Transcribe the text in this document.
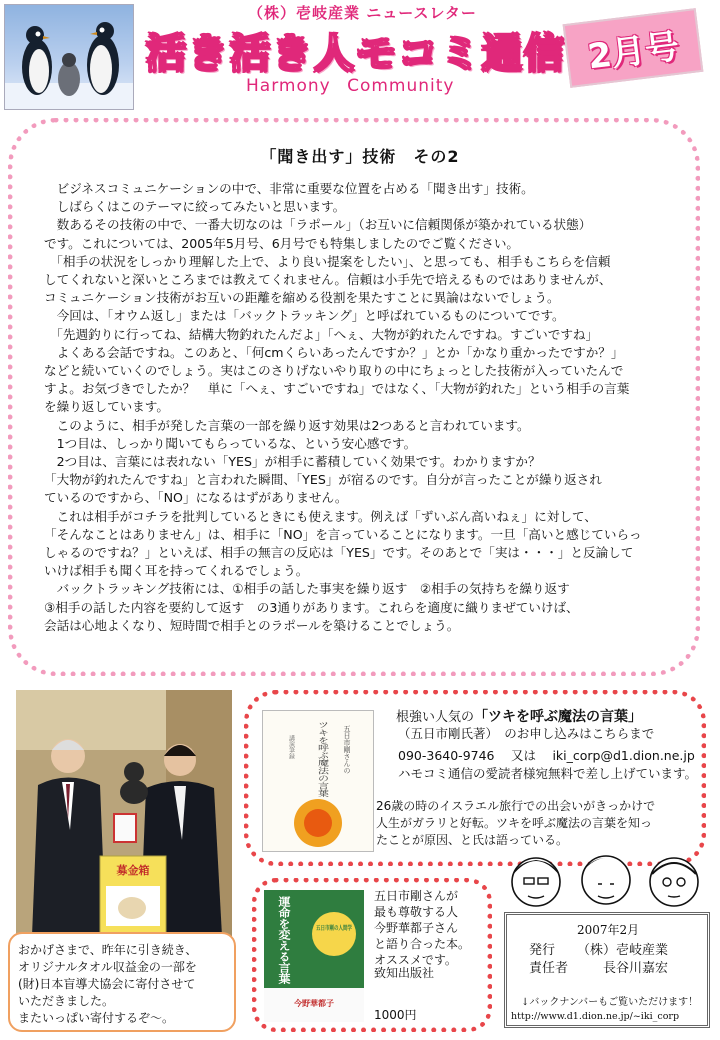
（株）壱岐産業 ニュースレター
活き活き人モコミ通信
Harmony Community
2月号
「聞き出す」技術　その2

　ビジネスコミュニケーションの中で、非常に重要な位置を占める「聞き出す」技術。

　しばらくはこのテーマに絞ってみたいと思います。

　数あるその技術の中で、一番大切なのは「ラポール」（お互いに信頼関係が築かれている状態）

です。これについては、2005年5月号、6月号でも特集しましたのでご覧ください。

　「相手の状況をしっかり理解した上で、より良い提案をしたい」、と思っても、相手もこちらを信頼

してくれないと深いところまでは教えてくれません。信頼は小手先で培えるものではありませんが、

コミュニケーション技術がお互いの距離を縮める役割を果たすことに異論はないでしょう。

　今回は、「オウム返し」または「バックトラッキング」と呼ばれているものについてです。

　「先週釣りに行ってね、結構大物釣れたんだよ」「へぇ、大物が釣れたんですね。すごいですね」

　よくある会話ですね。このあと、「何cmくらいあったんですか？」とか「かなり重かったですか？」

などと続いていくのでしょう。実はこのさりげないやり取りの中にちょっとした技術が入っていたんで

すよ。お気づきでしたか？　単に「へぇ、すごいですね」ではなく、「大物が釣れた」という相手の言葉

を繰り返しています。

　このように、相手が発した言葉の一部を繰り返す効果は2つあると言われています。

　1つ目は、しっかり聞いてもらっているな、という安心感です。

　2つ目は、言葉には表れない「YES」が相手に蓄積していく効果です。わかりますか？

「大物が釣れたんですね」と言われた瞬間、「YES」が宿るのです。自分が言ったことが繰り返され

ているのですから、「NO」になるはずがありません。

　これは相手がコチラを批判しているときにも使えます。例えば「ずいぶん高いねぇ」に対して、

「そんなことはありません」は、相手に「NO」を言っていることになります。一旦「高いと感じていらっ

しゃるのですね？」といえば、相手の無言の反応は「YES」です。そのあとで「実は・・・」と反論して

いけば相手も聞く耳を持ってくれるでしょう。

　バックトラッキング技術には、①相手の話した事実を繰り返す　②相手の気持ちを繰り返す

③相手の話した内容を要約して返す　の3通りがあります。これらを適度に織りまぜていけば、

会話は心地よくなり、短時間で相手とのラポールを築けることでしょう。

募金箱

おかげさまで、昨年に引き続き、

オリジナルタオル収益金の一部を

(財)日本盲導犬協会に寄付させて

いただきました。

またいっぱい寄付するぞ〜。

五日市剛さんの
ツキを呼ぶ魔法の言葉
講演筆録
根強い人気の「ツキを呼ぶ魔法の言葉」
（五日市剛氏著）　のお申し込みはこちらまで
090-3640-9746　 又は　 iki_corp@d1.dion.ne.jp
ハモコミ通信の愛読者様宛無料で差し上げています。

26歳の時のイスラエル旅行での出会いがきっかけで

人生がガラリと好転。ツキを呼ぶ魔法の言葉を知っ

たことが原因、と氏は語っている。

運命を変える言葉	五日市剛の人間学
今野華都子

五日市剛さんが

最も尊敬する人

今野華都子さん

と語り合った本。

オススメです。

致知出版社
1000円
2007年2月
発行 （株）壱岐産業
責任者	長谷川嘉宏
↓バックナンバーもご覧いただけます！
http://www.d1.dion.ne.jp/~iki_corp
